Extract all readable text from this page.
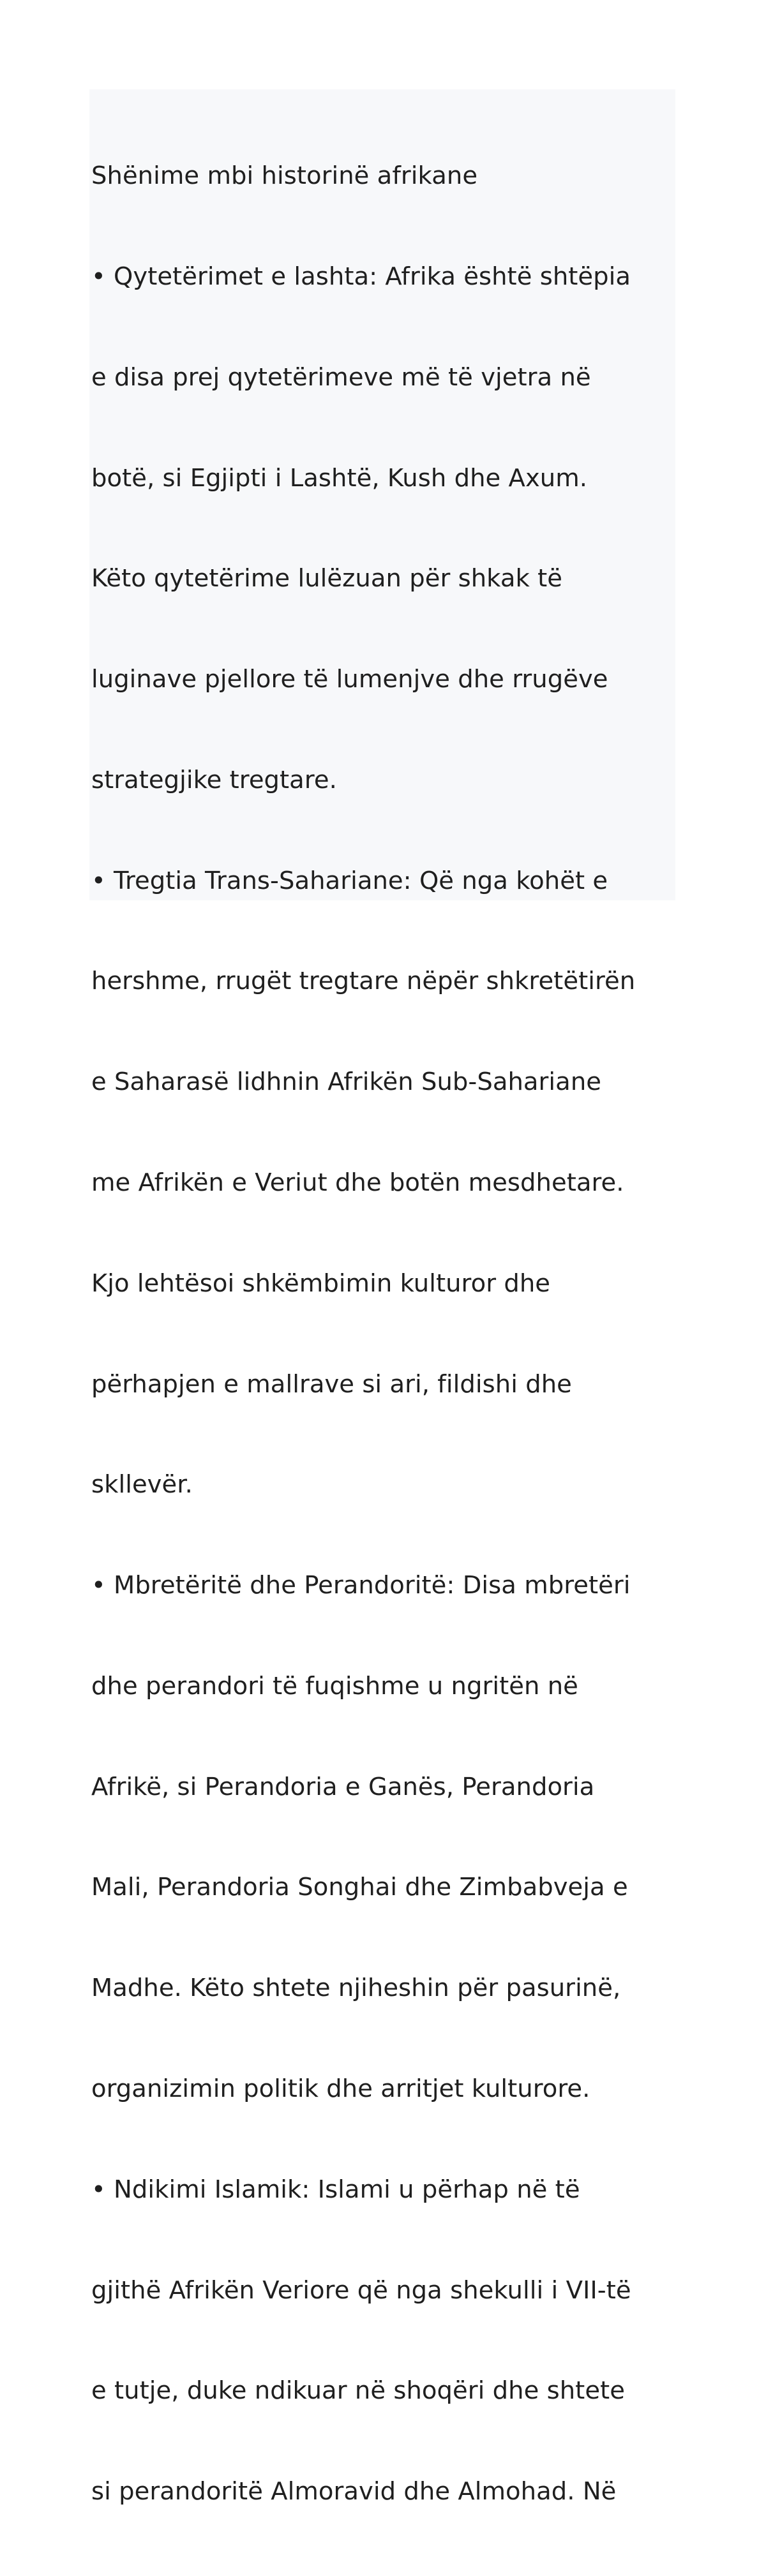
Shënime mbi historinë afrikane

• Qytetërimet e lashta: Afrika është shtëpia

e disa prej qytetërimeve më të vjetra në

botë, si Egjipti i Lashtë, Kush dhe Axum.

Këto qytetërime lulëzuan për shkak të

luginave pjellore të lumenjve dhe rrugëve

strategjike tregtare.

• Tregtia Trans-Sahariane: Që nga kohët e

hershme, rrugët tregtare nëpër shkretëtirën

e Saharasë lidhnin Afrikën Sub-Sahariane

me Afrikën e Veriut dhe botën mesdhetare.

Kjo lehtësoi shkëmbimin kulturor dhe

përhapjen e mallrave si ari, fildishi dhe

skllevër.

• Mbretëritë dhe Perandoritë: Disa mbretëri

dhe perandori të fuqishme u ngritën në

Afrikë, si Perandoria e Ganës, Perandoria

Mali, Perandoria Songhai dhe Zimbabveja e

Madhe. Këto shtete njiheshin për pasurinë,

organizimin politik dhe arritjet kulturore.

• Ndikimi Islamik: Islami u përhap në të

gjithë Afrikën Veriore që nga shekulli i VII-të

e tutje, duke ndikuar në shoqëri dhe shtete

si perandoritë Almoravid dhe Almohad. Në
